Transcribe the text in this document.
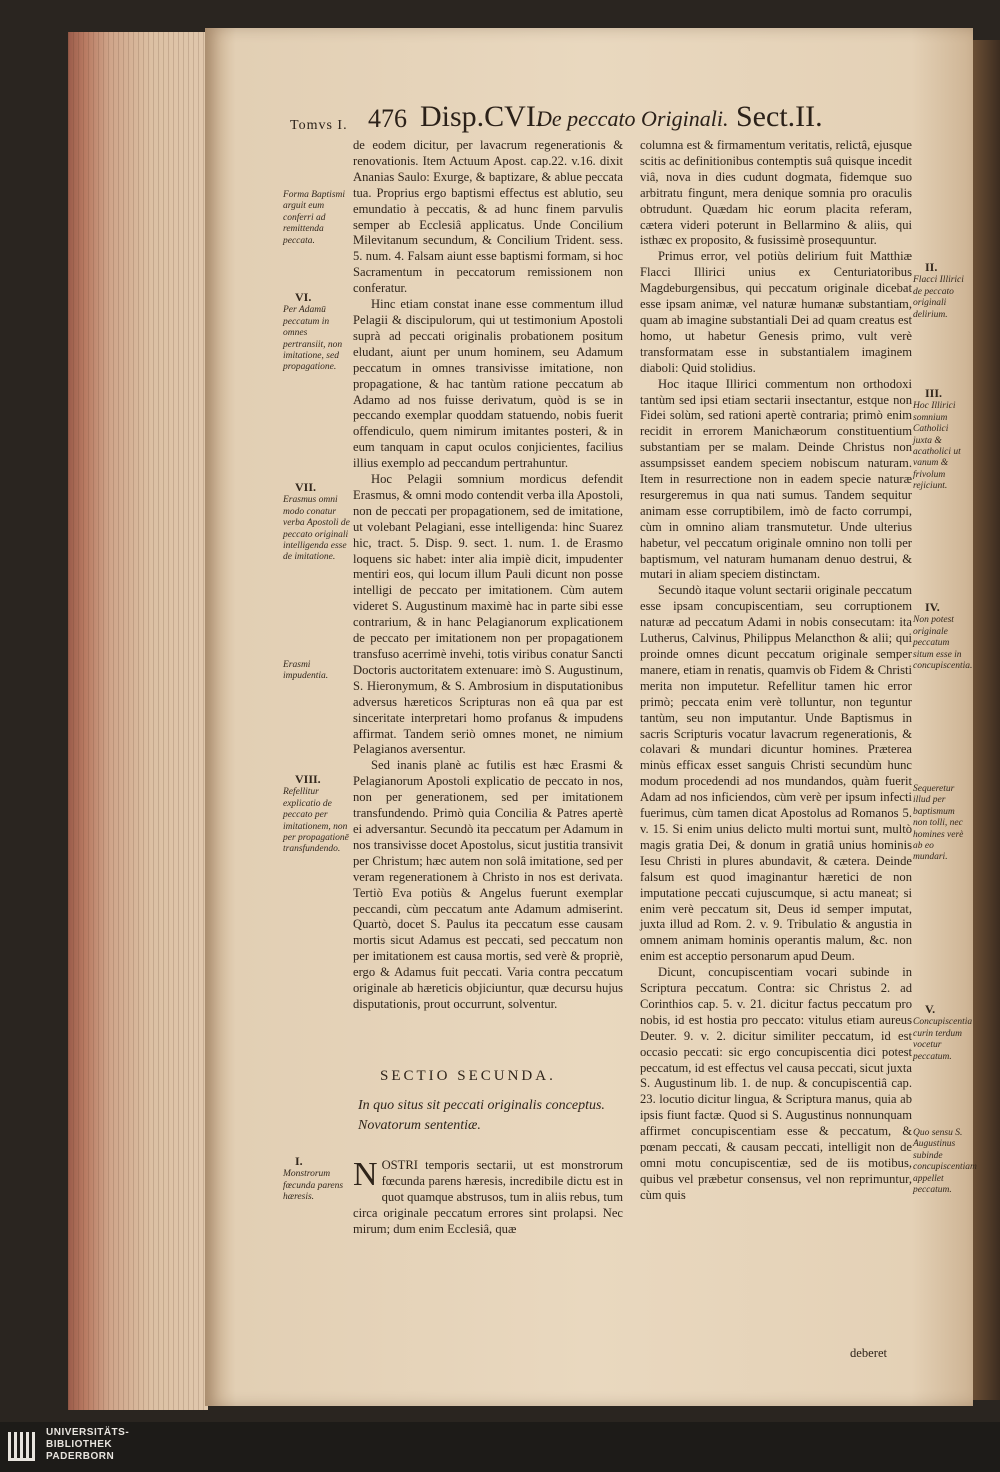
Tomvs I. 476 Disp.CVI.
De peccato Originali. Sect.II.

de eodem dicitur, per lavacrum regenerationis & renovationis. Item Actuum Apost. cap.22. v.16. dixit Ananias Saulo: Exurge, & baptizare, & ablue peccata tua. Proprius ergo baptismi effectus est ablutio, seu emundatio à peccatis, & ad hunc finem parvulis semper ab Ecclesiâ applicatus. Unde Concilium Milevitanum secundum, & Concilium Trident. sess. 5. num. 4. Falsam aiunt esse baptismi formam, si hoc Sacramentum in peccatorum remissionem non conferatur.

Hinc etiam constat inane esse commentum illud Pelagii & discipulorum, qui ut testimonium Apostoli suprà ad peccati originalis probationem positum eludant, aiunt per unum hominem, seu Adamum peccatum in omnes transivisse imitatione, non propagatione, & hac tantùm ratione peccatum ab Adamo ad nos fuisse derivatum, quòd is se in peccando exemplar quoddam statuendo, nobis fuerit offendiculo, quem nimirum imitantes posteri, & in eum tanquam in caput oculos conjicientes, facilius illius exemplo ad peccandum pertrahuntur.

Hoc Pelagii somnium mordicus defendit Erasmus, & omni modo contendit verba illa Apostoli, non de peccati per propagationem, sed de imitatione, ut volebant Pelagiani, esse intelligenda: hinc Suarez hic, tract. 5. Disp. 9. sect. 1. num. 1. de Erasmo loquens sic habet: inter alia impiè dicit, impudenter mentiri eos, qui locum illum Pauli dicunt non posse intelligi de peccato per imitationem. Cùm autem videret S. Augustinum maximè hac in parte sibi esse contrarium, & in hanc Pelagianorum explicationem de peccato per imitationem non per propagationem transfuso acerrimè invehi, totis viribus conatur Sancti Doctoris auctoritatem extenuare: imò S. Augustinum, S. Hieronymum, & S. Ambrosium in disputationibus adversus hæreticos Scripturas non eâ qua par est sinceritate interpretari homo profanus & impudens affirmat. Tandem seriò omnes monet, ne nimium Pelagianos aversentur.

Sed inanis planè ac futilis est hæc Erasmi & Pelagianorum Apostoli explicatio de peccato in nos, non per generationem, sed per imitationem transfundendo. Primò quia Concilia & Patres apertè ei adversantur. Secundò ita peccatum per Adamum in nos transivisse docet Apostolus, sicut justitia transivit per Christum; hæc autem non solâ imitatione, sed per veram regenerationem à Christo in nos est derivata. Tertiò Eva potiùs & Angelus fuerunt exemplar peccandi, cùm peccatum ante Adamum admiserint. Quartò, docet S. Paulus ita peccatum esse causam mortis sicut Adamus est peccati, sed peccatum non per imitationem est causa mortis, sed verè & propriè, ergo & Adamus fuit peccati. Varia contra peccatum originale ab hæreticis objiciuntur, quæ decursu hujus disputationis, prout occurrunt, solventur.

SECTIO SECUNDA.
In quo situs sit peccati originalis conceptus. Novatorum sententiæ.
NOSTRI temporis sectarii, ut est monstrorum fœcunda parens hæresis, incredibile dictu est in quot quamque abstrusos, tum in aliis rebus, tum circa originale peccatum errores sint prolapsi. Nec mirum; dum enim Ecclesiâ, quæ

columna est & firmamentum veritatis, relictâ, ejusque scitis ac definitionibus contemptis suâ quisque incedit viâ, nova in dies cudunt dogmata, fidemque suo arbitratu fingunt, mera denique somnia pro oraculis obtrudunt. Quædam hic eorum placita referam, cætera videri poterunt in Bellarmino & aliis, qui isthæc ex proposito, & fusissimè prosequuntur.

Primus error, vel potiùs delirium fuit Matthiæ Flacci Illirici unius ex Centuriatoribus Magdeburgensibus, qui peccatum originale dicebat esse ipsam animæ, vel naturæ humanæ substantiam, quam ab imagine substantiali Dei ad quam creatus est homo, ut habetur Genesis primo, vult verè transformatam esse in substantialem imaginem diaboli: Quid stolidius.

Hoc itaque Illirici commentum non orthodoxi tantùm sed ipsi etiam sectarii insectantur, estque non Fidei solùm, sed rationi apertè contraria; primò enim recidit in errorem Manichæorum constituentium substantiam per se malam. Deinde Christus non assumpsisset eandem speciem nobiscum naturam. Item in resurrectione non in eadem specie naturæ resurgeremus in qua nati sumus. Tandem sequitur animam esse corruptibilem, imò de facto corrumpi, cùm in omnino aliam transmutetur. Unde ulterius habetur, vel peccatum originale omnino non tolli per baptismum, vel naturam humanam denuo destrui, & mutari in aliam speciem distinctam.

Secundò itaque volunt sectarii originale peccatum esse ipsam concupiscentiam, seu corruptionem naturæ ad peccatum Adami in nobis consecutam: ita Lutherus, Calvinus, Philippus Melancthon & alii; qui proinde omnes dicunt peccatum originale semper manere, etiam in renatis, quamvis ob Fidem & Christi merita non imputetur. Refellitur tamen hic error primò; peccata enim verè tolluntur, non teguntur tantùm, seu non imputantur. Unde Baptismus in sacris Scripturis vocatur lavacrum regenerationis, & colavari & mundari dicuntur homines. Præterea minùs efficax esset sanguis Christi secundùm hunc modum procedendi ad nos mundandos, quàm fuerit Adam ad nos inficiendos, cùm verè per ipsum infecti fuerimus, cùm tamen dicat Apostolus ad Romanos 5. v. 15. Si enim unius delicto multi mortui sunt, multò magis gratia Dei, & donum in gratiâ unius hominis Iesu Christi in plures abundavit, & cætera. Deinde falsum est quod imaginantur hæretici de non imputatione peccati cujuscumque, si actu maneat; si enim verè peccatum sit, Deus id semper imputat, juxta illud ad Rom. 2. v. 9. Tribulatio & angustia in omnem animam hominis operantis malum, &c. non enim est acceptio personarum apud Deum.

Dicunt, concupiscentiam vocari subinde in Scriptura peccatum. Contra: sic Christus 2. ad Corinthios cap. 5. v. 21. dicitur factus peccatum pro nobis, id est hostia pro peccato: vitulus etiam aureus Deuter. 9. v. 2. dicitur similiter peccatum, id est occasio peccati: sic ergo concupiscentia dici potest peccatum, id est effectus vel causa peccati, sicut juxta S. Augustinum lib. 1. de nup. & concupiscentiâ cap. 23. locutio dicitur lingua, & Scriptura manus, quia ab ipsis fiunt factæ. Quod si S. Augustinus nonnunquam affirmet concupiscentiam esse & peccatum, & pœnam peccati, & causam peccati, intelligit non de omni motu concupiscentiæ, sed de iis motibus, quibus vel præbetur consensus, vel non reprimuntur, cùm quis

deberet
Forma Baptismi arguit eum conferri ad remittenda peccata.
VI.
Per Adamū peccatum in omnes pertransiit, non imitatione, sed propagatione.
VII.
Erasmus omni modo conatur verba Apostoli de peccato originali intelligenda esse de imitatione.
Erasmi impudentia.
VIII.
Refellitur explicatio de peccato per imitationem, non per propagationē transfundendo.
I.
Monstrorum fœcunda parens hæresis.
II.
Flacci Illirici de peccato originali delirium.
III.
Hoc Illirici somnium Catholici juxta & acatholici ut vanum & frivolum rejiciunt.
IV.
Non potest originale peccatum situm esse in concupiscentia.
Sequeretur illud per baptismum non tolli, nec homines verè ab eo mundari.
V.
Concupiscentia curin terdum vocetur peccatum.
Quo sensu S. Augustinus subinde concupiscentiam appellet peccatum.
UNIVERSITÄTS-
BIBLIOTHEK
PADERBORN
